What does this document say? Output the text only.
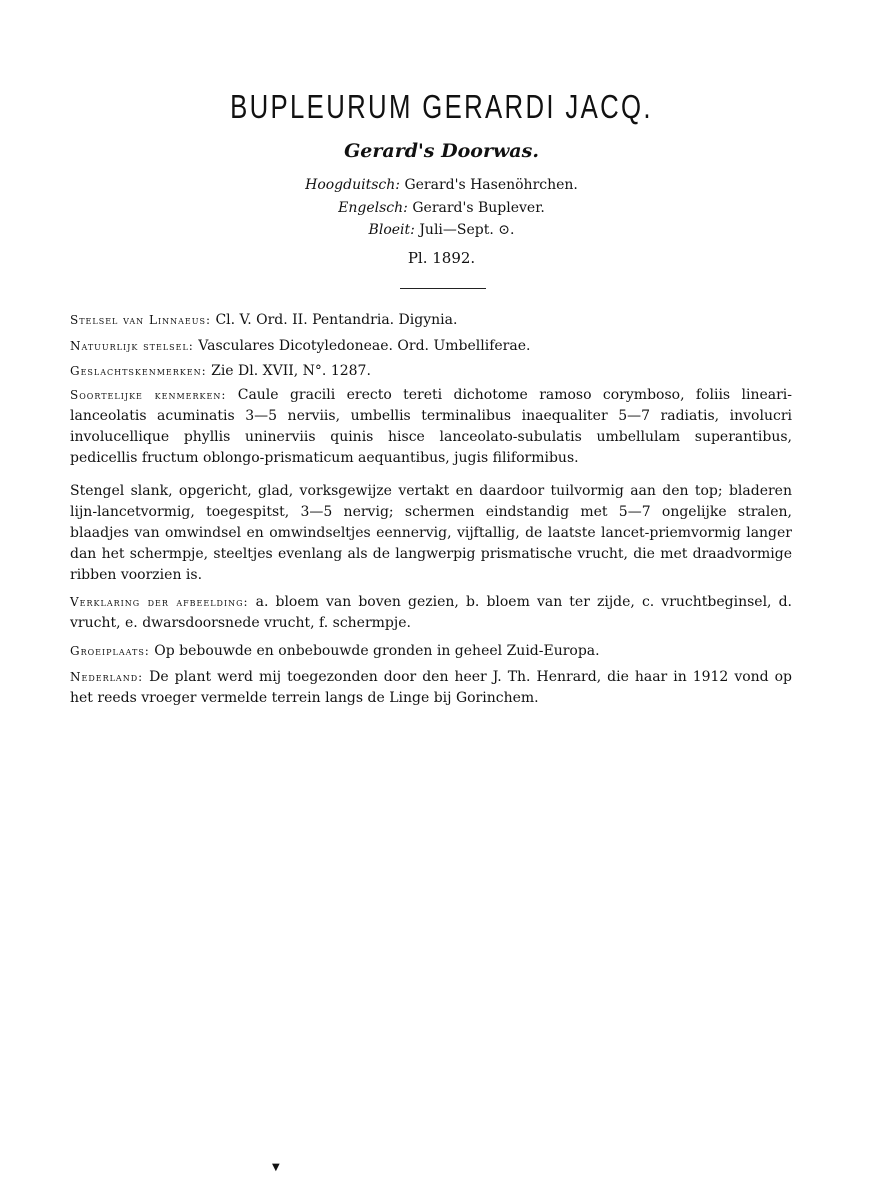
BUPLEURUM GERARDI JACQ.
Gerard's Doorwas.
Hoogduitsch: Gerard's Hasenöhrchen.
Engelsch: Gerard's Buplever.
Bloeit: Juli—Sept. ⊙.
Pl. 1892.
Stelsel van Linnaeus: Cl. V. Ord. II. Pentandria. Digynia.
Natuurlijk stelsel: Vasculares Dicotyledoneae. Ord. Umbelliferae.
Geslachtskenmerken: Zie Dl. XVII, N°. 1287.
Soortelijke kenmerken: Caule gracili erecto tereti dichotome ramoso corymboso, foliis lineari-lanceolatis acuminatis 3—5 nerviis, umbellis terminalibus inaequaliter 5—7 radiatis, involucri involucellique phyllis uninerviis quinis hisce lanceolato-subulatis umbellulam superantibus, pedicellis fructum oblongo-prismaticum aequantibus, jugis filiformibus.
Stengel slank, opgericht, glad, vorksgewijze vertakt en daardoor tuilvormig aan den top; bladeren lijn-lancetvormig, toegespitst, 3—5 nervig; schermen eindstandig met 5—7 ongelijke stralen, blaadjes van omwindsel en omwindseltjes eennervig, vijftallig, de laatste lancet-priemvormig langer dan het schermpje, steeltjes evenlang als de langwerpig prismatische vrucht, die met draadvormige ribben voorzien is.
Verklaring der afbeelding: a. bloem van boven gezien, b. bloem van ter zijde, c. vruchtbeginsel, d. vrucht, e. dwarsdoorsnede vrucht, f. schermpje.
Groeiplaats: Op bebouwde en onbebouwde gronden in geheel Zuid-Europa.
Nederland: De plant werd mij toegezonden door den heer J. Th. Henrard, die haar in 1912 vond op het reeds vroeger vermelde terrein langs de Linge bij Gorinchem.
▼
